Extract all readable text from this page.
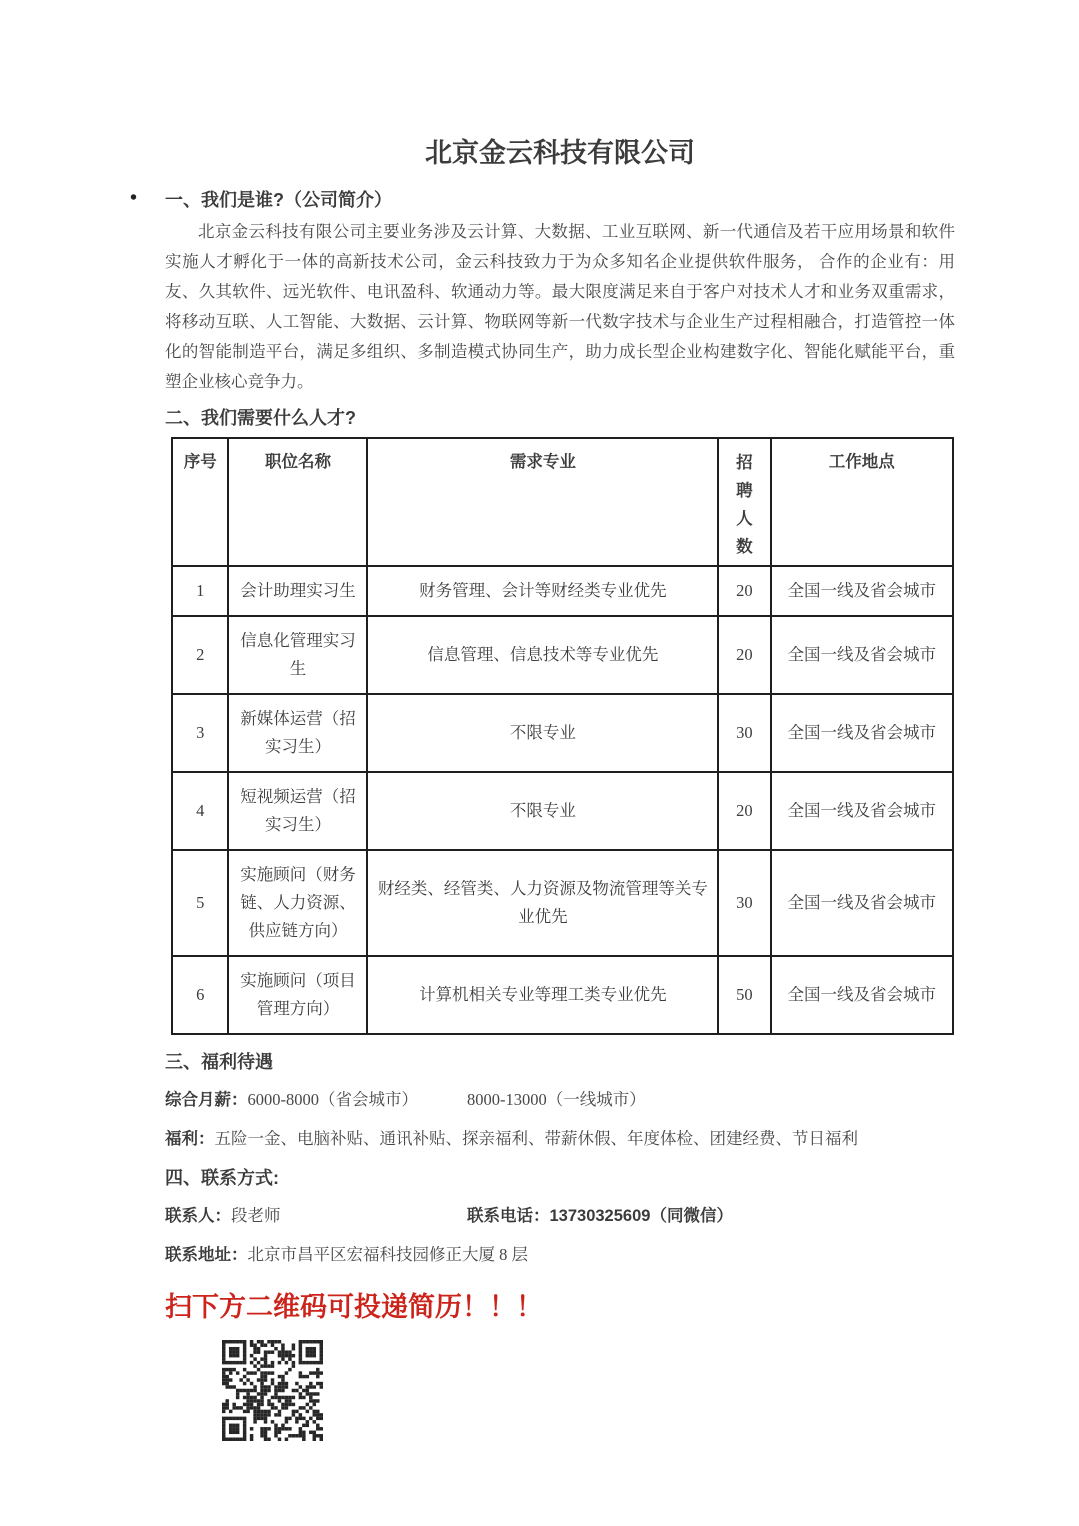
北京金云科技有限公司
• 一、我们是谁?（公司简介）

北京金云科技有限公司主要业务涉及云计算、大数据、工业互联网、新一代通信及若干应用场景和软件实施人才孵化于一体的高新技术公司，金云科技致力于为众多知名企业提供软件服务， 合作的企业有：用友、久其软件、远光软件、电讯盈科、软通动力等。最大限度满足来自于客户对技术人才和业务双重需求，将移动互联、人工智能、大数据、云计算、物联网等新一代数字技术与企业生产过程相融合，打造管控一体化的智能制造平台，满足多组织、多制造模式协同生产，助力成长型企业构建数字化、智能化赋能平台，重塑企业核心竞争力。

二、我们需要什么人才?
序号	职位名称	需求专业	招聘人数	工作地点
1	会计助理实习生	财务管理、会计等财经类专业优先	20	全国一线及省会城市
2	信息化管理实习生	信息管理、信息技术等专业优先	20	全国一线及省会城市
3	新媒体运营（招实习生）	不限专业	30	全国一线及省会城市
4	短视频运营（招实习生）	不限专业	20	全国一线及省会城市
5	实施顾问（财务链、人力资源、供应链方向）	财经类、经管类、人力资源及物流管理等关专业优先	30	全国一线及省会城市
6	实施顾问（项目管理方向）	计算机相关专业等理工类专业优先	50	全国一线及省会城市
三、福利待遇

综合月薪：6000-8000（省会城市）	8000-13000（一线城市）

福利：五险一金、电脑补贴、通讯补贴、探亲福利、带薪休假、年度体检、团建经费、节日福利

四、联系方式:

联系人：段老师	联系电话：13730325609（同微信）

联系地址：北京市昌平区宏福科技园修正大厦 8 层

扫下方二维码可投递简历！！！
